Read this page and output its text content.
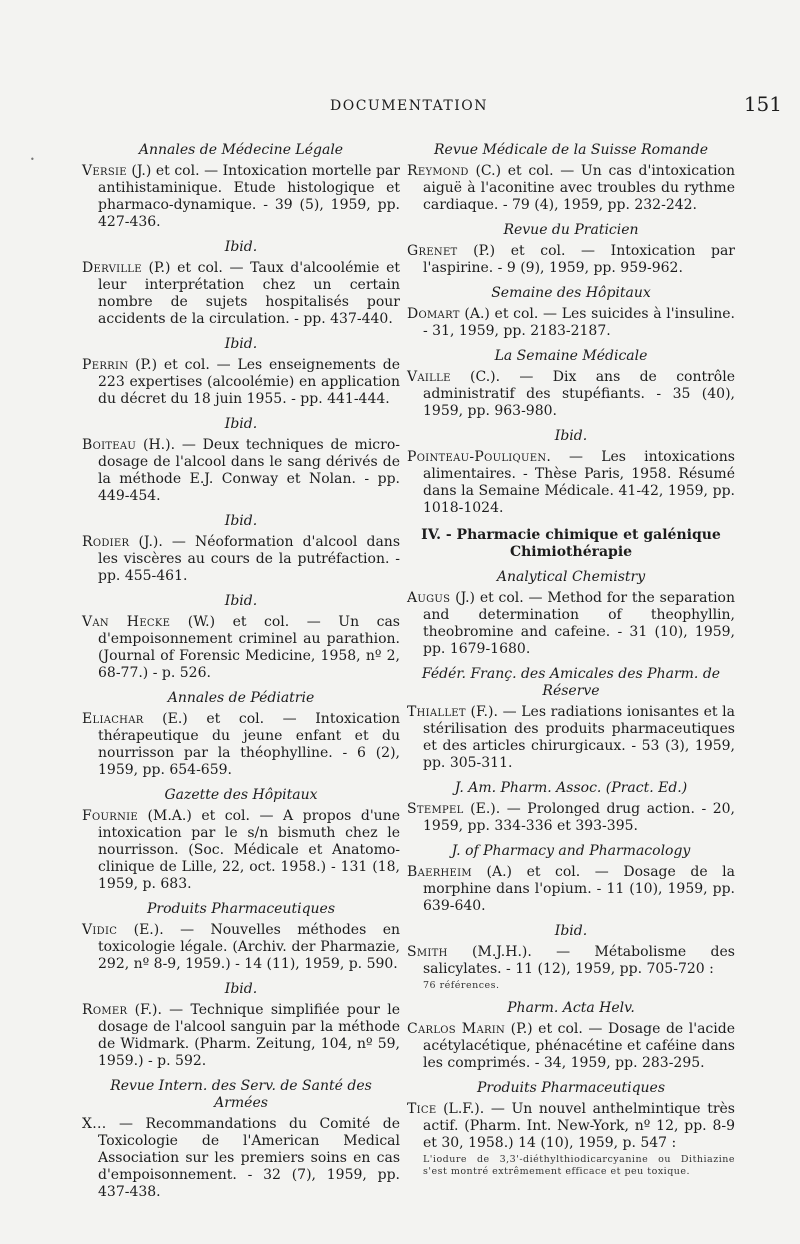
DOCUMENTATION	151
•
Annales de Médecine Légale
Versie (J.) et col. — Intoxication mortelle par antihistaminique. Etude histologique et pharmaco-dynamique. - 39 (5), 1959, pp. 427-436.
Ibid.
Derville (P.) et col. — Taux d'alcoolémie et leur interprétation chez un certain nombre de sujets hospitalisés pour accidents de la circulation. - pp. 437-440.
Ibid.
Perrin (P.) et col. — Les enseignements de 223 expertises (alcoolémie) en application du décret du 18 juin 1955. - pp. 441-444.
Ibid.
Boiteau (H.). — Deux techniques de micro-dosage de l'alcool dans le sang dérivés de la méthode E.J. Conway et Nolan. - pp. 449-454.
Ibid.
Rodier (J.). — Néoformation d'alcool dans les viscères au cours de la putréfaction. - pp. 455-461.
Ibid.
Van Hecke (W.) et col. — Un cas d'empoisonnement criminel au parathion. (Journal of Forensic Medicine, 1958, nº 2, 68-77.) - p. 526.
Annales de Pédiatrie
Eliachar (E.) et col. — Intoxication thérapeutique du jeune enfant et du nourrisson par la théophylline. - 6 (2), 1959, pp. 654-659.
Gazette des Hôpitaux
Fournie (M.A.) et col. — A propos d'une intoxication par le s/n bismuth chez le nourrisson. (Soc. Médicale et Anatomo-clinique de Lille, 22, oct. 1958.) - 131 (18, 1959, p. 683.
Produits Pharmaceutiques
Vidic (E.). — Nouvelles méthodes en toxicologie légale. (Archiv. der Pharmazie, 292, nº 8-9, 1959.) - 14 (11), 1959, p. 590.
Ibid.
Romer (F.). — Technique simplifiée pour le dosage de l'alcool sanguin par la méthode de Widmark. (Pharm. Zeitung, 104, nº 59, 1959.) - p. 592.
Revue Intern. des Serv. de Santé des Armées
X... — Recommandations du Comité de Toxicologie de l'American Medical Association sur les premiers soins en cas d'empoisonnement. - 32 (7), 1959, pp. 437-438.
Revue Médicale de la Suisse Romande
Reymond (C.) et col. — Un cas d'intoxication aiguë à l'aconitine avec troubles du rythme cardiaque. - 79 (4), 1959, pp. 232-242.
Revue du Praticien
Grenet (P.) et col. — Intoxication par l'aspirine. - 9 (9), 1959, pp. 959-962.
Semaine des Hôpitaux
Domart (A.) et col. — Les suicides à l'insuline. - 31, 1959, pp. 2183-2187.
La Semaine Médicale
Vaille (C.). — Dix ans de contrôle administratif des stupéfiants. - 35 (40), 1959, pp. 963-980.
Ibid.
Pointeau-Pouliquen. — Les intoxications alimentaires. - Thèse Paris, 1958. Résumé dans la Semaine Médicale. 41-42, 1959, pp. 1018-1024.
IV. - Pharmacie chimique et galénique Chimiothérapie
Analytical Chemistry
Augus (J.) et col. — Method for the separation and determination of theophyllin, theobromine and cafeine. - 31 (10), 1959, pp. 1679-1680.
Fédér. Franç. des Amicales des Pharm. de Réserve
Thiallet (F.). — Les radiations ionisantes et la stérilisation des produits pharmaceutiques et des articles chirurgicaux. - 53 (3), 1959, pp. 305-311.
J. Am. Pharm. Assoc. (Pract. Ed.)
Stempel (E.). — Prolonged drug action. - 20, 1959, pp. 334-336 et 393-395.
J. of Pharmacy and Pharmacology
Baerheim (A.) et col. — Dosage de la morphine dans l'opium. - 11 (10), 1959, pp. 639-640.
Ibid.
Smith (M.J.H.). — Métabolisme des salicylates. - 11 (12), 1959, pp. 705-720 :
76 références.
Pharm. Acta Helv.
Carlos Marin (P.) et col. — Dosage de l'acide acétylacétique, phénacétine et caféine dans les comprimés. - 34, 1959, pp. 283-295.
Produits Pharmaceutiques
Tice (L.F.). — Un nouvel anthelmintique très actif. (Pharm. Int. New-York, nº 12, pp. 8-9 et 30, 1958.) 14 (10), 1959, p. 547 :
L'iodure de 3,3'-diéthylthiodicarcyanine ou Dithiazine s'est montré extrêmement efficace et peu toxique.
